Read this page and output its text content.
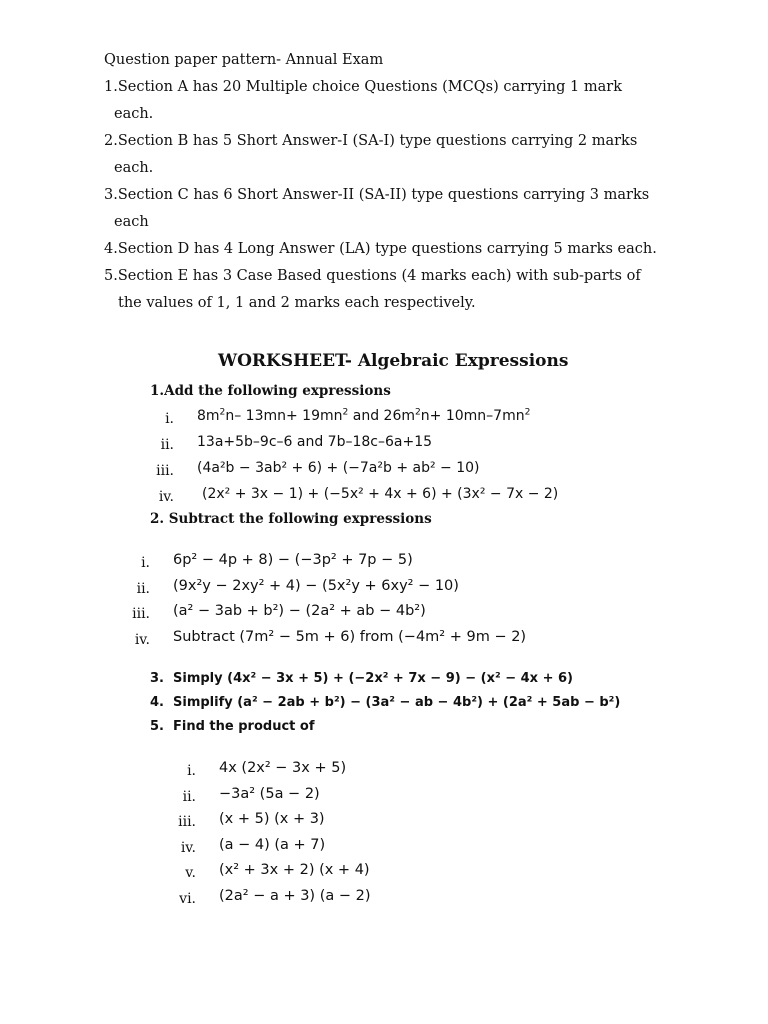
Question paper pattern- Annual Exam
1.Section A has 20 Multiple choice Questions (MCQs) carrying 1 mark
each.
2.Section B has 5 Short Answer-I (SA-I) type questions carrying 2 marks
each.
3.Section C has 6 Short Answer-II (SA-II) type questions carrying 3 marks
each
4.Section D has 4 Long Answer (LA) type questions carrying 5 marks each.
5.Section E has 3 Case Based questions (4 marks each) with sub-parts of
the values of 1, 1 and 2 marks each respectively.
WORKSHEET- Algebraic Expressions
1.Add the following expressions
i. $8m^2n-$ $13mn+ 19mn^2$ and $26m^2n+ 10mn-7mn^2$
ii. 13a+5b–9c–6 and 7b–18c–6a+15
iii. (4a²b − 3ab² + 6) + (−7a²b + ab² − 10)
iv. (2x² + 3x − 1) + (−5x² + 4x + 6) + (3x² − 7x − 2)
2. Subtract the following expressions
i. 6p² − 4p + 8) − (−3p² + 7p − 5)
ii. (9x²y − 2xy² + 4) − (5x²y + 6xy² − 10)
iii. (a² − 3ab + b²) − (2a² + ab − 4b²)
iv. Subtract (7m² − 5m + 6) from (−4m² + 9m − 2)
3. Simply (4x² − 3x + 5) + (−2x² + 7x − 9) − (x² − 4x + 6)
4. Simplify (a² − 2ab + b²) − (3a² − ab − 4b²) + (2a² + 5ab − b²)
5. Find the product of
i. 4x (2x² − 3x + 5)
ii. −3a² (5a − 2)
iii. (x + 5) (x + 3)
iv. (a − 4) (a + 7)
v. (x² + 3x + 2) (x + 4)
vi. (2a² − a + 3) (a − 2)
